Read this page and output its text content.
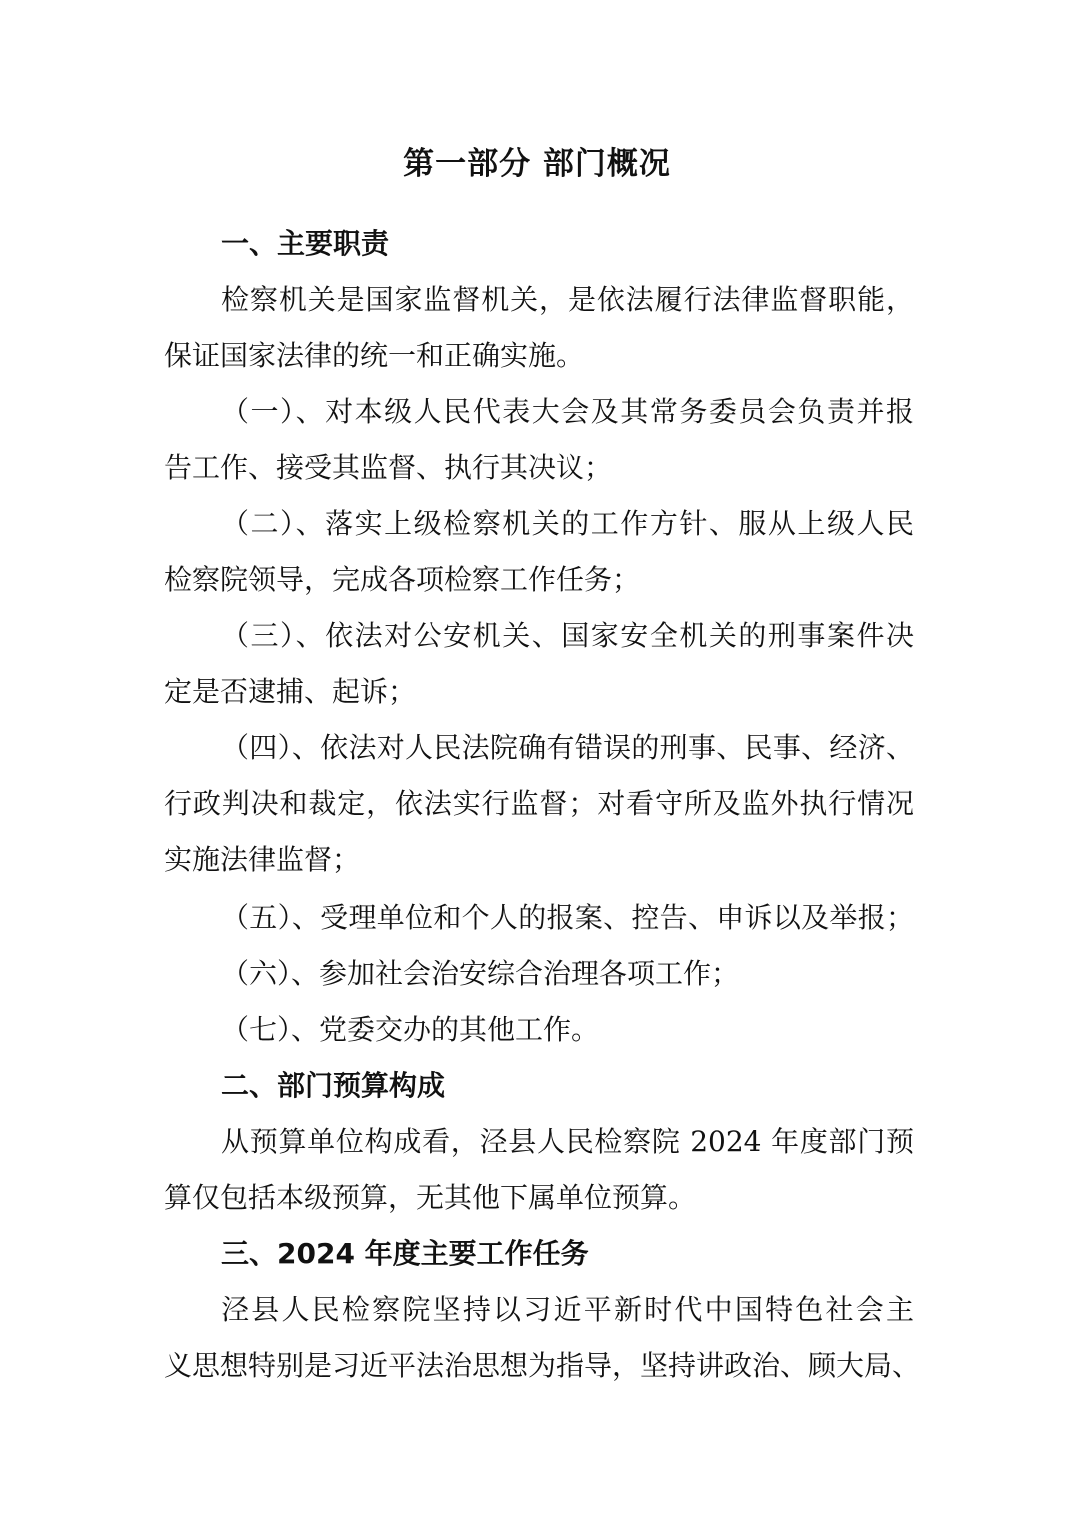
第一部分 部门概况
一、主要职责
检察机关是国家监督机关，是依法履行法律监督职能，
保证国家法律的统一和正确实施。
（一）、对本级人民代表大会及其常务委员会负责并报
告工作、接受其监督、执行其决议；
（二）、落实上级检察机关的工作方针、服从上级人民
检察院领导，完成各项检察工作任务；
（三）、依法对公安机关、国家安全机关的刑事案件决
定是否逮捕、起诉；
（四）、依法对人民法院确有错误的刑事、民事、经济、
行政判决和裁定，依法实行监督；对看守所及监外执行情况
实施法律监督；
（五）、受理单位和个人的报案、控告、申诉以及举报；
（六）、参加社会治安综合治理各项工作；
（七）、党委交办的其他工作。
二、部门预算构成
从预算单位构成看，泾县人民检察院 2024 年度部门预
算仅包括本级预算，无其他下属单位预算。
三、2024 年度主要工作任务
泾县人民检察院坚持以习近平新时代中国特色社会主
义思想特别是习近平法治思想为指导，坚持讲政治、顾大局、
